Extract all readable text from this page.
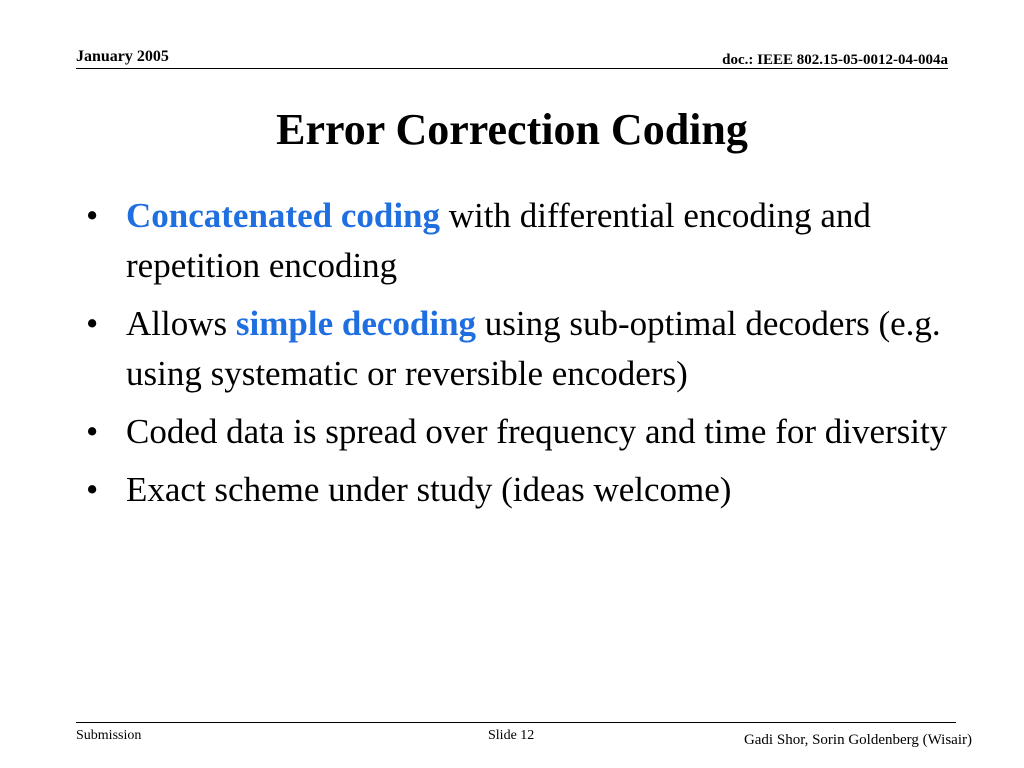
January 2005	doc.: IEEE 802.15-05-0012-04-004a
Error Correction Coding
• Concatenated coding with differential encoding and repetition encoding
• Allows simple decoding using sub-optimal decoders (e.g. using systematic or reversible encoders)
• Coded data is spread over frequency and time for diversity
• Exact scheme under study (ideas welcome)
Submission	Slide 12	Gadi Shor, Sorin Goldenberg (Wisair)
